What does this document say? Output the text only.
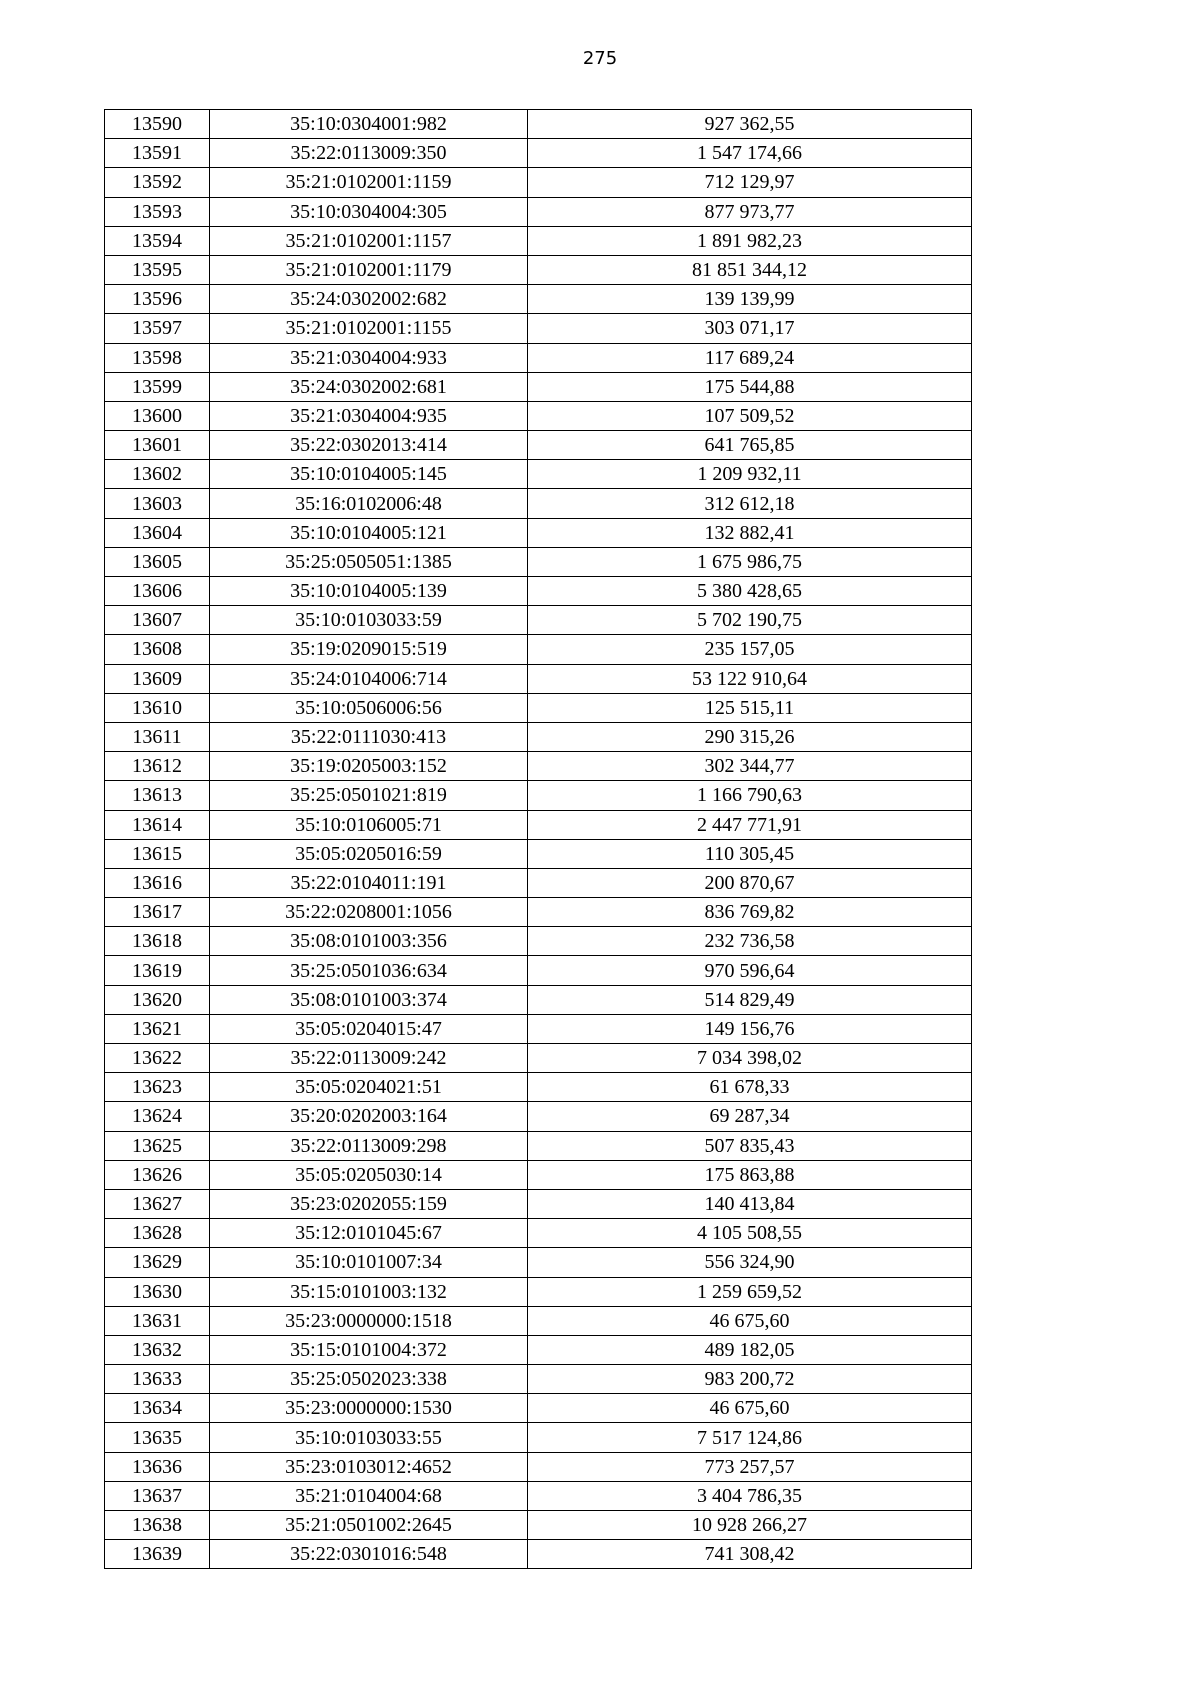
275
13590	35:10:0304001:982	927 362,55
13591	35:22:0113009:350	1 547 174,66
13592	35:21:0102001:1159	712 129,97
13593	35:10:0304004:305	877 973,77
13594	35:21:0102001:1157	1 891 982,23
13595	35:21:0102001:1179	81 851 344,12
13596	35:24:0302002:682	139 139,99
13597	35:21:0102001:1155	303 071,17
13598	35:21:0304004:933	117 689,24
13599	35:24:0302002:681	175 544,88
13600	35:21:0304004:935	107 509,52
13601	35:22:0302013:414	641 765,85
13602	35:10:0104005:145	1 209 932,11
13603	35:16:0102006:48	312 612,18
13604	35:10:0104005:121	132 882,41
13605	35:25:0505051:1385	1 675 986,75
13606	35:10:0104005:139	5 380 428,65
13607	35:10:0103033:59	5 702 190,75
13608	35:19:0209015:519	235 157,05
13609	35:24:0104006:714	53 122 910,64
13610	35:10:0506006:56	125 515,11
13611	35:22:0111030:413	290 315,26
13612	35:19:0205003:152	302 344,77
13613	35:25:0501021:819	1 166 790,63
13614	35:10:0106005:71	2 447 771,91
13615	35:05:0205016:59	110 305,45
13616	35:22:0104011:191	200 870,67
13617	35:22:0208001:1056	836 769,82
13618	35:08:0101003:356	232 736,58
13619	35:25:0501036:634	970 596,64
13620	35:08:0101003:374	514 829,49
13621	35:05:0204015:47	149 156,76
13622	35:22:0113009:242	7 034 398,02
13623	35:05:0204021:51	61 678,33
13624	35:20:0202003:164	69 287,34
13625	35:22:0113009:298	507 835,43
13626	35:05:0205030:14	175 863,88
13627	35:23:0202055:159	140 413,84
13628	35:12:0101045:67	4 105 508,55
13629	35:10:0101007:34	556 324,90
13630	35:15:0101003:132	1 259 659,52
13631	35:23:0000000:1518	46 675,60
13632	35:15:0101004:372	489 182,05
13633	35:25:0502023:338	983 200,72
13634	35:23:0000000:1530	46 675,60
13635	35:10:0103033:55	7 517 124,86
13636	35:23:0103012:4652	773 257,57
13637	35:21:0104004:68	3 404 786,35
13638	35:21:0501002:2645	10 928 266,27
13639	35:22:0301016:548	741 308,42
